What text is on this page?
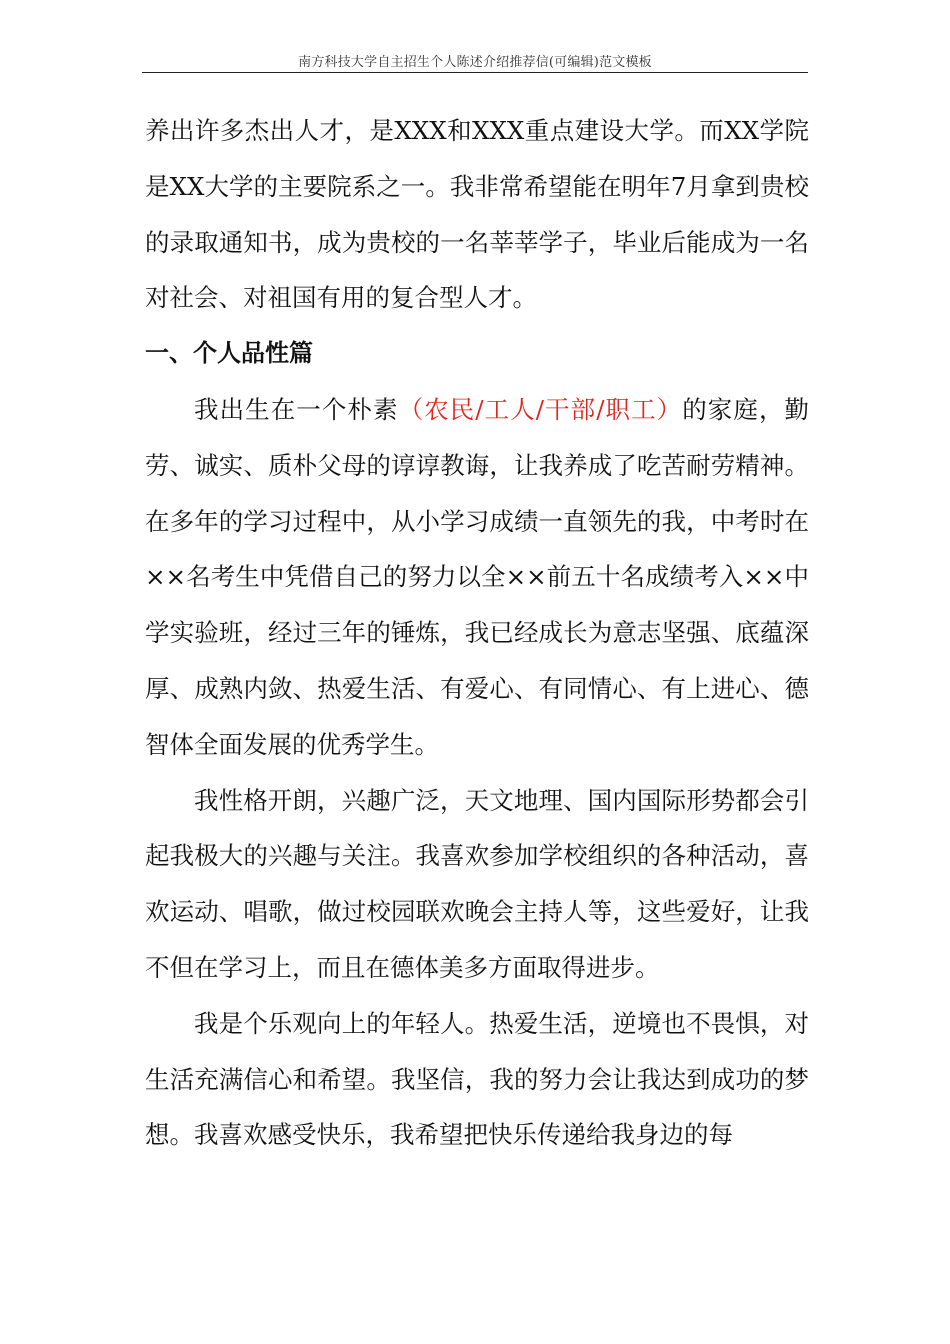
南方科技大学自主招生个人陈述介绍推荐信(可编辑)范文模板

养出许多杰出人才，是XXX和XXX重点建设大学。而XX学院是XX大学的主要院系之一。我非常希望能在明年7月拿到贵校的录取通知书，成为贵校的一名莘莘学子，毕业后能成为一名对社会、对祖国有用的复合型人才。

一、个人品性篇

我出生在一个朴素（农民/工人/干部/职工）的家庭，勤劳、诚实、质朴父母的谆谆教诲，让我养成了吃苦耐劳精神。在多年的学习过程中，从小学习成绩一直领先的我，中考时在××名考生中凭借自己的努力以全××前五十名成绩考入××中学实验班，经过三年的锤炼，我已经成长为意志坚强、底蕴深厚、成熟内敛、热爱生活、有爱心、有同情心、有上进心、德智体全面发展的优秀学生。

我性格开朗，兴趣广泛，天文地理、国内国际形势都会引起我极大的兴趣与关注。我喜欢参加学校组织的各种活动，喜欢运动、唱歌，做过校园联欢晚会主持人等，这些爱好，让我不但在学习上，而且在德体美多方面取得进步。

我是个乐观向上的年轻人。热爱生活，逆境也不畏惧，对生活充满信心和希望。我坚信，我的努力会让我达到成功的梦想。我喜欢感受快乐，我希望把快乐传递给我身边的每
